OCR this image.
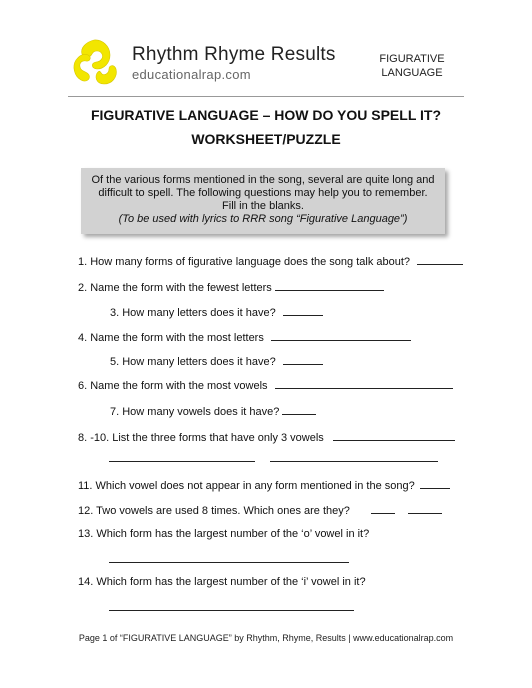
Rhythm Rhyme Results
educationalrap.com
FIGURATIVE
LANGUAGE
FIGURATIVE LANGUAGE – HOW DO YOU SPELL IT?
WORKSHEET/PUZZLE
Of the various forms mentioned in the song, several are quite long and
difficult to spell. The following questions may help you to remember.
Fill in the blanks.
(To be used with lyrics to RRR song “Figurative Language”)
1. How many forms of figurative language does the song talk about?
2. Name the form with the fewest letters
3. How many letters does it have?
4. Name the form with the most letters
5. How many letters does it have?
6. Name the form with the most vowels
7. How many vowels does it have?
8. -10. List the three forms that have only 3 vowels
11. Which vowel does not appear in any form mentioned in the song?
12. Two vowels are used 8 times. Which ones are they?
13. Which form has the largest number of the ‘o’ vowel in it?
14. Which form has the largest number of the ‘i’ vowel in it?
Page 1 of “FIGURATIVE LANGUAGE” by Rhythm, Rhyme, Results | www.educationalrap.com
